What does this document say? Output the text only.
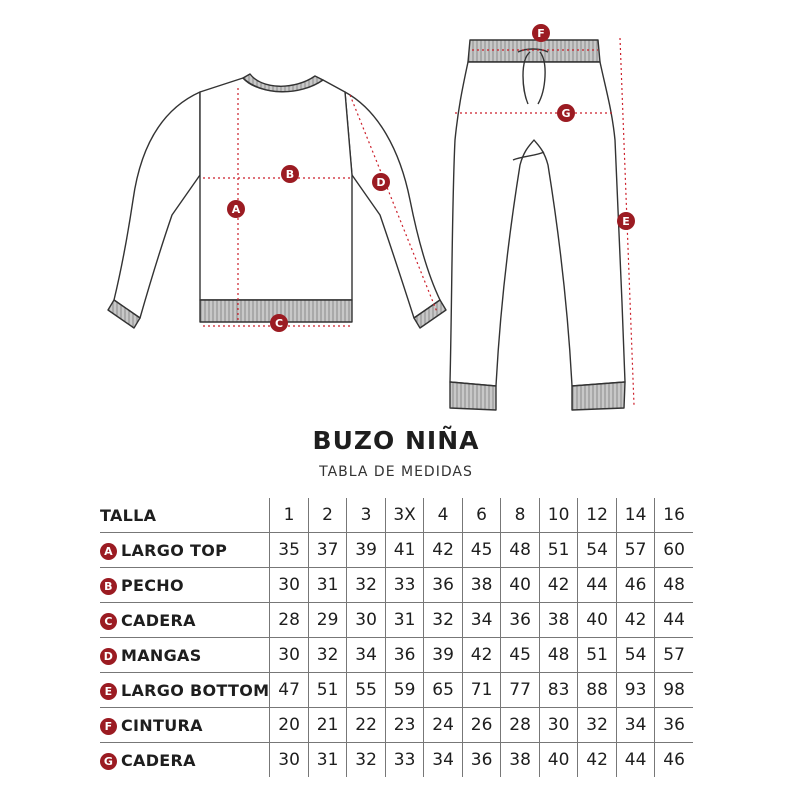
A
B
C
D
F
G
E
BUZO NIÑA
TABLA DE MEDIDAS
TALLA	1	2	3	3X	4	6	8	10	12	14	16
A LARGO TOP	35	37	39	41	42	45	48	51	54	57	60
B PECHO	30	31	32	33	36	38	40	42	44	46	48
C CADERA	28	29	30	31	32	34	36	38	40	42	44
D MANGAS	30	32	34	36	39	42	45	48	51	54	57
E LARGO BOTTOM	47	51	55	59	65	71	77	83	88	93	98
F CINTURA	20	21	22	23	24	26	28	30	32	34	36
G CADERA	30	31	32	33	34	36	38	40	42	44	46
